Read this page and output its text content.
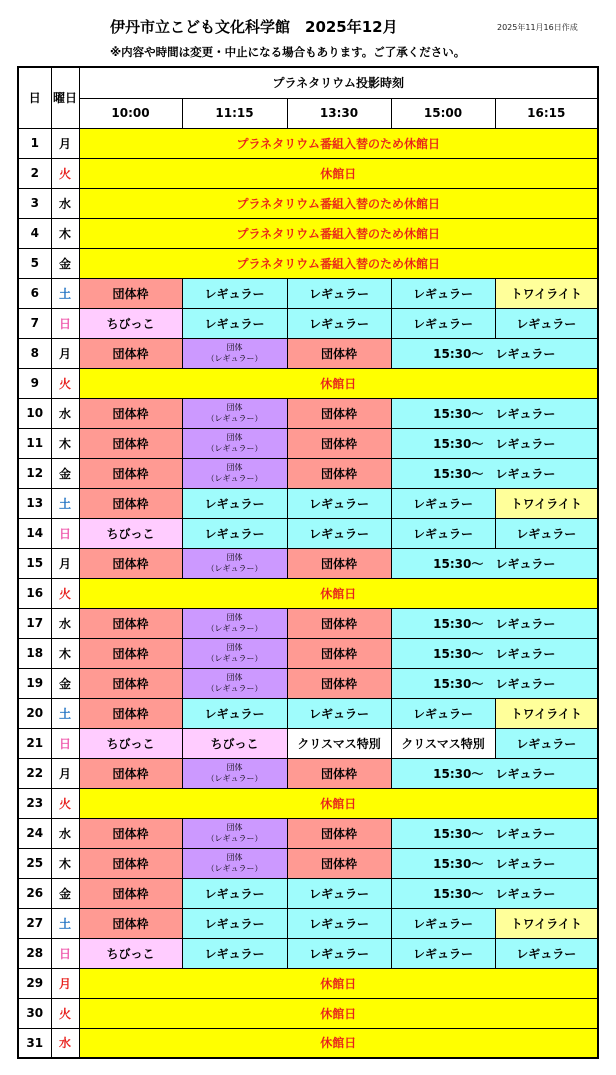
伊丹市立こども文化科学館　2025年12月	2025年11月16日作成
※内容や時間は変更・中止になる場合もあります。ご了承ください。
日	曜日	プラネタリウム投影時刻				
		10:00	11:15	13:30	15:00	16:15
1	月	プラネタリウム番組入替のため休館日				
2	火	休館日				
3	水	プラネタリウム番組入替のため休館日				
4	木	プラネタリウム番組入替のため休館日				
5	金	プラネタリウム番組入替のため休館日				
6	土	団体枠	レギュラー	レギュラー	レギュラー	トワイライト
7	日	ちびっこ	レギュラー	レギュラー	レギュラー	レギュラー
8	月	団体枠	団体
（レギュラー）	団体枠	15:30～　レギュラー	
9	火	休館日				
10	水	団体枠	団体
（レギュラー）	団体枠	15:30～　レギュラー	
11	木	団体枠	団体
（レギュラー）	団体枠	15:30～　レギュラー	
12	金	団体枠	団体
（レギュラー）	団体枠	15:30～　レギュラー	
13	土	団体枠	レギュラー	レギュラー	レギュラー	トワイライト
14	日	ちびっこ	レギュラー	レギュラー	レギュラー	レギュラー
15	月	団体枠	団体
（レギュラー）	団体枠	15:30～　レギュラー	
16	火	休館日				
17	水	団体枠	団体
（レギュラー）	団体枠	15:30～　レギュラー	
18	木	団体枠	団体
（レギュラー）	団体枠	15:30～　レギュラー	
19	金	団体枠	団体
（レギュラー）	団体枠	15:30～　レギュラー	
20	土	団体枠	レギュラー	レギュラー	レギュラー	トワイライト
21	日	ちびっこ	ちびっこ	クリスマス特別	クリスマス特別	レギュラー
22	月	団体枠	団体
（レギュラー）	団体枠	15:30～　レギュラー	
23	火	休館日				
24	水	団体枠	団体
（レギュラー）	団体枠	15:30～　レギュラー	
25	木	団体枠	団体
（レギュラー）	団体枠	15:30～　レギュラー	
26	金	団体枠	レギュラー	レギュラー	15:30～　レギュラー	
27	土	団体枠	レギュラー	レギュラー	レギュラー	トワイライト
28	日	ちびっこ	レギュラー	レギュラー	レギュラー	レギュラー
29	月	休館日				
30	火	休館日				
31	水	休館日				
